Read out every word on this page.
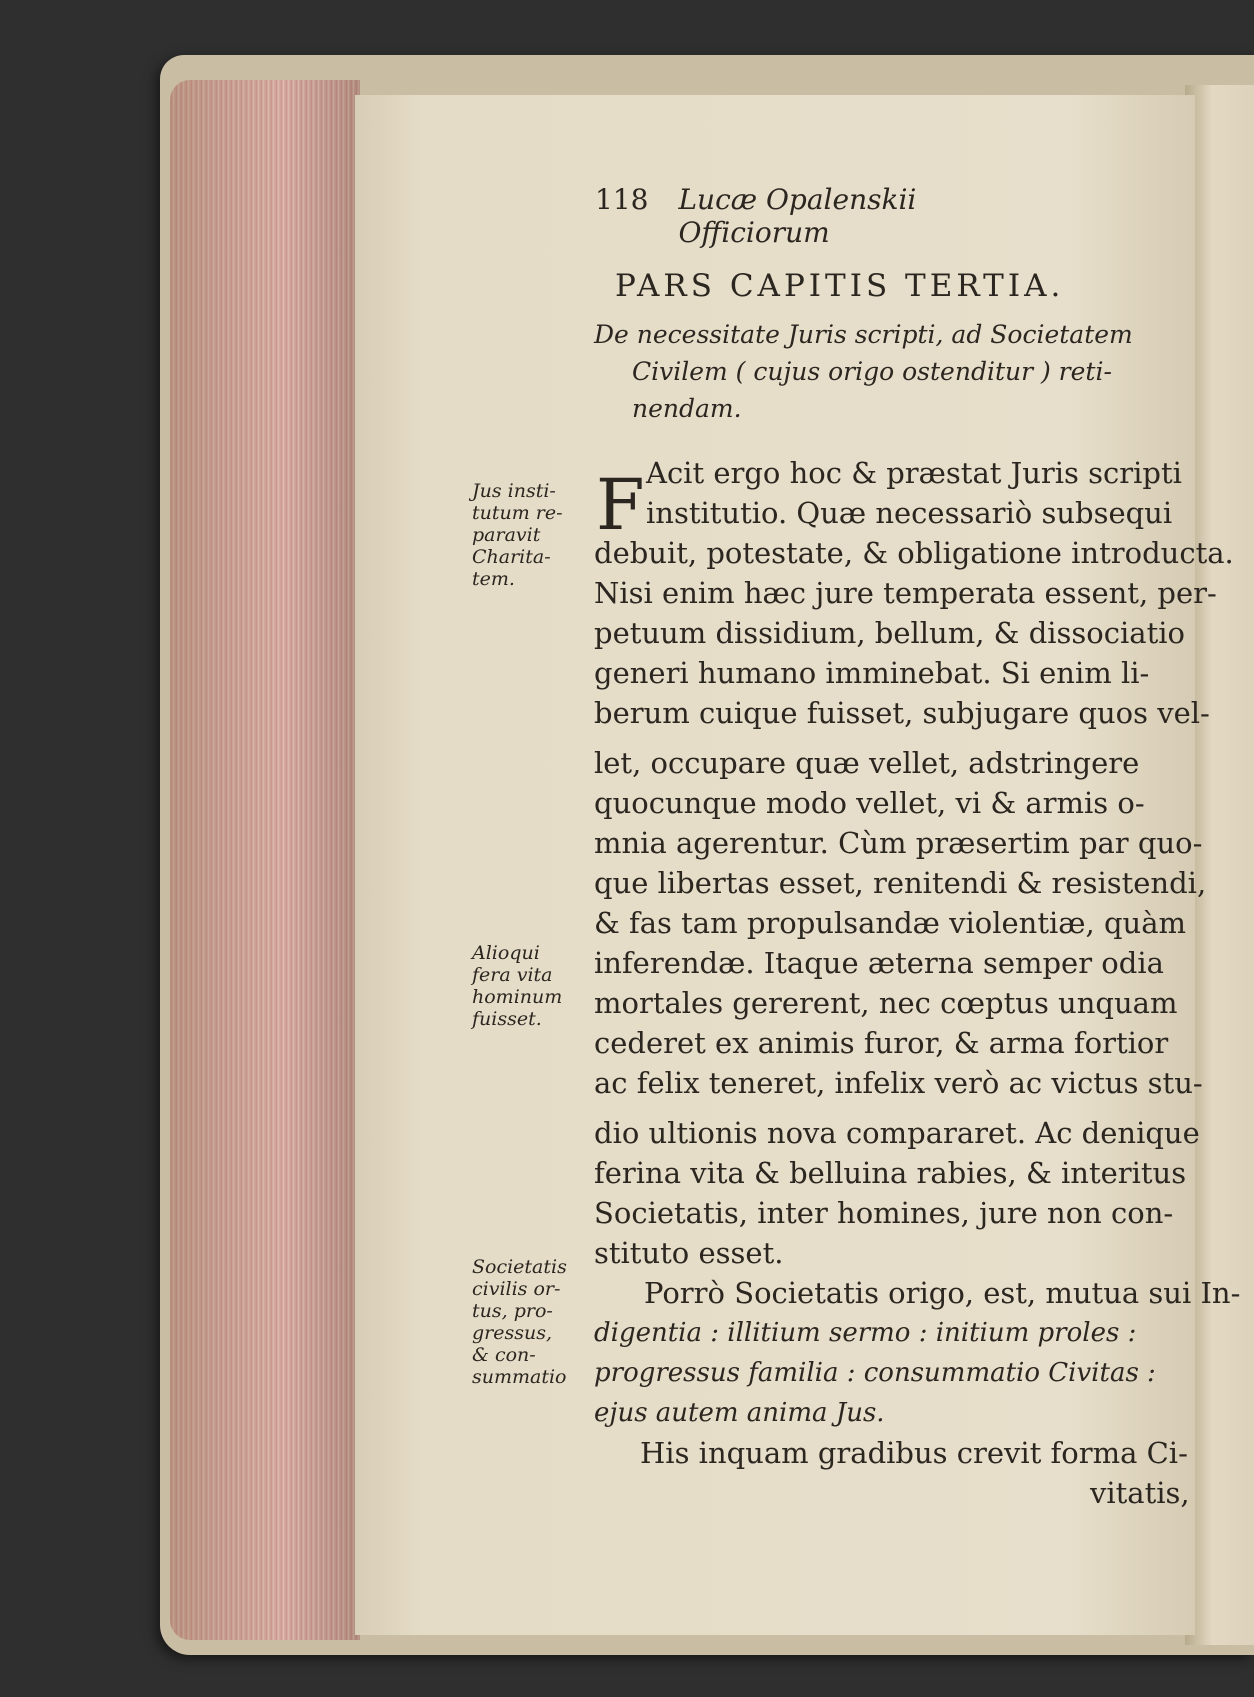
118 Lucæ Opalenskii Officiorum
PARS CAPITIS TERTIA.
De necessitate Juris scripti, ad Societatem
Civilem ( cujus origo ostenditur ) reti-
nendam.
F Acit ergo hoc & præstat Juris scripti
institutio. Quæ necessariò subsequi
debuit, potestate, & obligatione introducta.
Nisi enim hæc jure temperata essent, per-
petuum dissidium, bellum, & dissociatio
generi humano imminebat. Si enim li-
berum cuique fuisset, subjugare quos vel-
let, occupare quæ vellet, adstringere
quocunque modo vellet, vi & armis o-
mnia agerentur. Cùm præsertim par quo-
que libertas esset, renitendi & resistendi,
& fas tam propulsandæ violentiæ, quàm
inferendæ. Itaque æterna semper odia
mortales gererent, nec cœptus unquam
cederet ex animis furor, & arma fortior
ac felix teneret, infelix verò ac victus stu-
dio ultionis nova compararet. Ac denique
ferina vita & belluina rabies, & interitus
Societatis, inter homines, jure non con-
stituto esset.
Porrò Societatis origo, est, mutua sui In-
digentia : illitium sermo : initium proles :
progressus familia : consummatio Civitas :
ejus autem anima Jus.
His inquam gradibus crevit forma Ci-
vitatis,
Jus insti-
tutum re-
paravit
Charita-
tem.
Alioqui
fera vita
hominum
fuisset.
Societatis
civilis or-
tus, pro-
gressus,
& con-
summatio
